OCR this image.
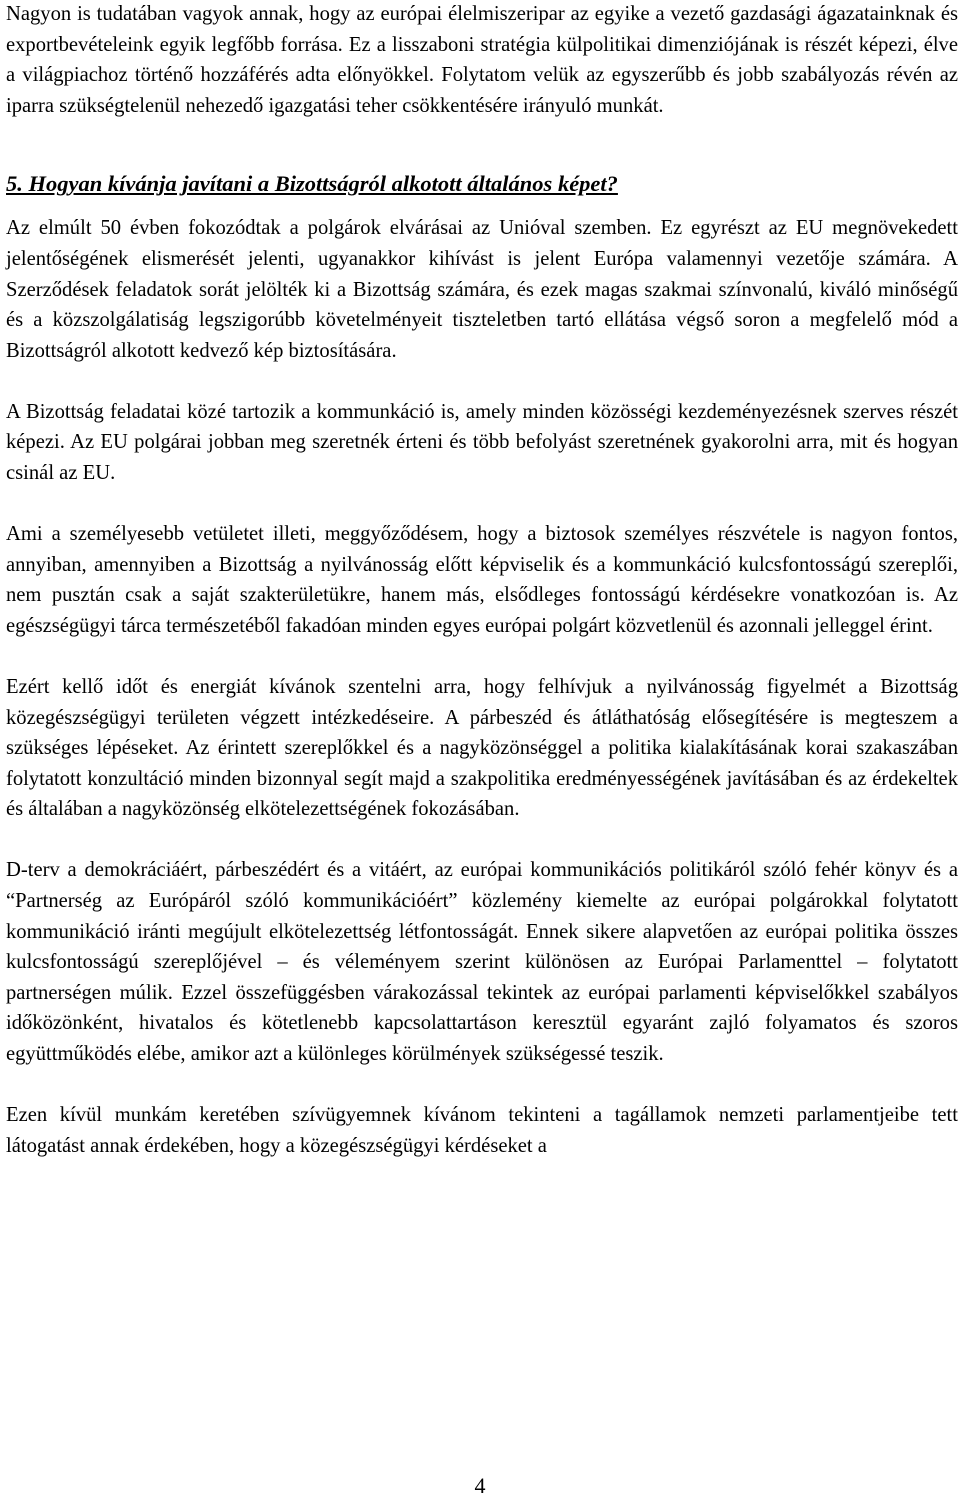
Nagyon is tudatában vagyok annak, hogy az európai élelmiszeripar az egyike a vezető gazdasági ágazatainknak és exportbevételeink egyik legfőbb forrása. Ez a lisszaboni stratégia külpolitikai dimenziójának is részét képezi, élve a világpiachoz történő hozzáférés adta előnyökkel. Folytatom velük az egyszerűbb és jobb szabályozás révén az iparra szükségtelenül nehezedő igazgatási teher csökkentésére irányuló munkát.

5. Hogyan kívánja javítani a Bizottságról alkotott általános képet?

Az elmúlt 50 évben fokozódtak a polgárok elvárásai az Unióval szemben. Ez egyrészt az EU megnövekedett jelentőségének elismerését jelenti, ugyanakkor kihívást is jelent Európa valamennyi vezetője számára. A Szerződések feladatok sorát jelölték ki a Bizottság számára, és ezek magas szakmai színvonalú, kiváló minőségű és a közszolgálatiság legszigorúbb követelményeit tiszteletben tartó ellátása végső soron a megfelelő mód a Bizottságról alkotott kedvező kép biztosítására.

A Bizottság feladatai közé tartozik a kommunkáció is, amely minden közösségi kezdeményezésnek szerves részét képezi. Az EU polgárai jobban meg szeretnék érteni és több befolyást szeretnének gyakorolni arra, mit és hogyan csinál az EU.

Ami a személyesebb vetületet illeti, meggyőződésem, hogy a biztosok személyes részvétele is nagyon fontos, annyiban, amennyiben a Bizottság a nyilvánosság előtt képviselik és a kommunkáció kulcsfontosságú szereplői, nem pusztán csak a saját szakterületükre, hanem más, elsődleges fontosságú kérdésekre vonatkozóan is. Az egészségügyi tárca természetéből fakadóan minden egyes európai polgárt közvetlenül és azonnali jelleggel érint.

Ezért kellő időt és energiát kívánok szentelni arra, hogy felhívjuk a nyilvánosság figyelmét a Bizottság közegészségügyi területen végzett intézkedéseire. A párbeszéd és átláthatóság elősegítésére is megteszem a szükséges lépéseket. Az érintett szereplőkkel és a nagyközönséggel a politika kialakításának korai szakaszában folytatott konzultáció minden bizonnyal segít majd a szakpolitika eredményességének javításában és az érdekeltek és általában a nagyközönség elkötelezettségének fokozásában.

D-terv a demokráciáért, párbeszédért és a vitáért, az európai kommunikációs politikáról szóló fehér könyv és a “Partnerség az Európáról szóló kommunikációért” közlemény kiemelte az európai polgárokkal folytatott kommunikáció iránti megújult elkötelezettség létfontosságát. Ennek sikere alapvetően az európai politika összes kulcsfontosságú szereplőjével – és véleményem szerint különösen az Európai Parlamenttel – folytatott partnerségen múlik. Ezzel összefüggésben várakozással tekintek az európai parlamenti képviselőkkel szabályos időközönként, hivatalos és kötetlenebb kapcsolattartáson keresztül egyaránt zajló folyamatos és szoros együttműködés elébe, amikor azt a különleges körülmények szükségessé teszik.

Ezen kívül munkám keretében szívügyemnek kívánom tekinteni a tagállamok nemzeti parlamentjeibe tett látogatást annak érdekében, hogy a közegészségügyi kérdéseket a

4
